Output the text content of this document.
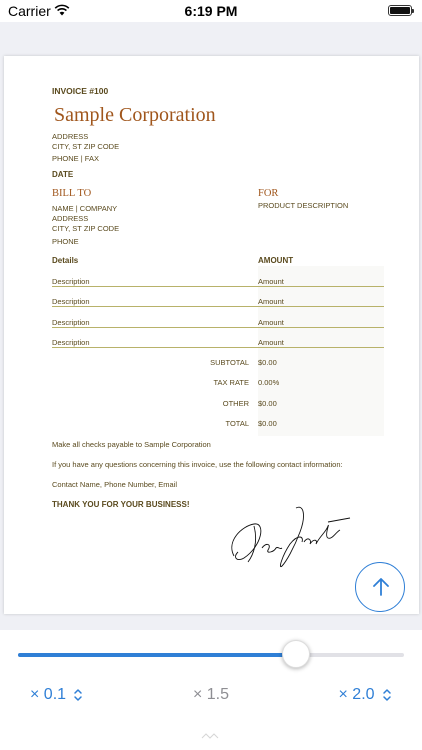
Carrier	6:19 PM
INVOICE #100
Sample Corporation
ADDRESS
CITY, ST ZIP CODE
PHONE | FAX
DATE
BILL TO
NAME | COMPANY
ADDRESS
CITY, ST ZIP CODE
PHONE
FOR
PRODUCT DESCRIPTION
Details	AMOUNT
Description	Amount
Description	Amount
Description	Amount
Description	Amount
SUBTOTAL $0.00
TAX RATE 0.00%
OTHER $0.00
TOTAL $0.00
Make all checks payable to Sample Corporation
If you have any questions concerning this invoice, use the following contact information:
Contact Name, Phone Number, Email
THANK YOU FOR YOUR BUSINESS!
× 0.1	× 1.5	× 2.0
